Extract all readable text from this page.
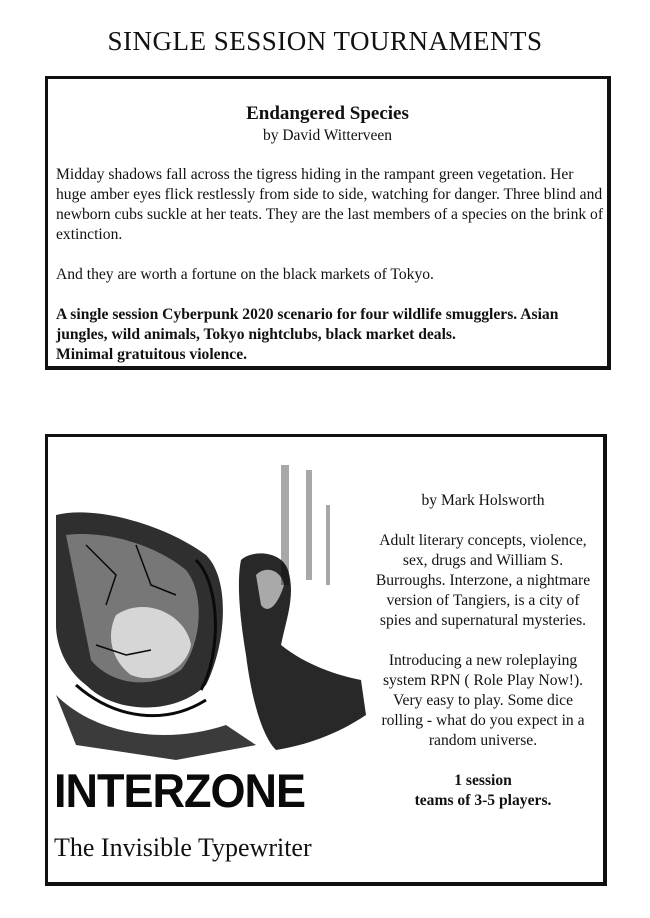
SINGLE SESSION TOURNAMENTS
Endangered Species
by David Witterveen

Midday shadows fall across the tigress hiding in the rampant green vegetation. Her huge amber eyes flick restlessly from side to side, watching for danger. Three blind and newborn cubs suckle at her teats. They are the last members of a species on the brink of extinction.

And they are worth a fortune on the black markets of Tokyo.

A single session Cyberpunk 2020 scenario for four wildlife smugglers. Asian jungles, wild animals, Tokyo nightclubs, black market deals.
Minimal gratuitous violence.
INTERZONE
The Invisible Typewriter

by Mark Holsworth

Adult literary concepts, violence, sex, drugs and William S. Burroughs. Interzone, a nightmare version of Tangiers, is a city of spies and supernatural mysteries.

Introducing a new roleplaying system RPN ( Role Play Now!). Very easy to play. Some dice rolling - what do you expect in a random universe.

1 session

teams of 3-5 players.
